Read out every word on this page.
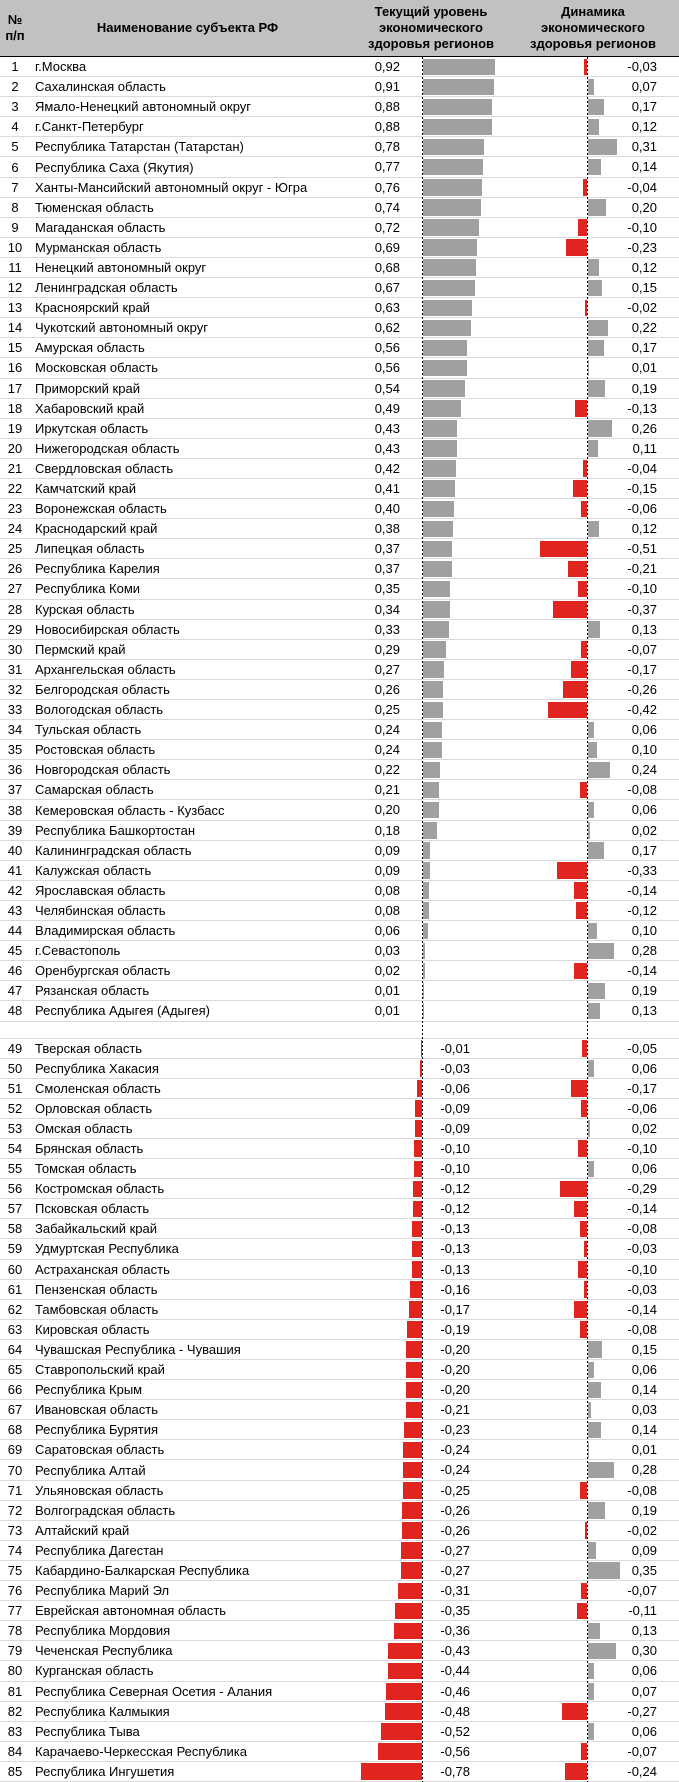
№ п/п
Наименование субъекта РФ
Текущий уровень экономического здоровья регионов
Динамика экономического здоровья регионов
1	г.Москва	0,92	-0,03
2	Сахалинская область	0,91	0,07
3	Ямало-Ненецкий автономный округ	0,88	0,17
4	г.Санкт-Петербург	0,88	0,12
5	Республика Татарстан (Татарстан)	0,78	0,31
6	Республика Саха (Якутия)	0,77	0,14
7	Ханты-Мансийский автономный округ - Югра	0,76	-0,04
8	Тюменская область	0,74	0,20
9	Магаданская область	0,72	-0,10
10 Мурманская область	0,69	-0,23
11	Ненецкий автономный округ	0,68	0,12
12 Ленинградская область	0,67	0,15
13 Красноярский край	0,63	-0,02
14 Чукотский автономный округ	0,62	0,22
15 Амурская область	0,56	0,17
16 Московская область	0,56	0,01
17 Приморский край	0,54	0,19
18 Хабаровский край	0,49	-0,13
19 Иркутская область	0,43	0,26
20 Нижегородская область	0,43	0,11
21 Свердловская область	0,42	-0,04
22 Камчатский край	0,41	-0,15
23 Воронежская область	0,40	-0,06
24 Краснодарский край	0,38	0,12
25 Липецкая область	0,37	-0,51
26 Республика Карелия	0,37	-0,21
27 Республика Коми	0,35	-0,10
28 Курская область	0,34	-0,37
29 Новосибирская область	0,33	0,13
30 Пермский край	0,29	-0,07
31 Архангельская область	0,27	-0,17
32 Белгородская область	0,26	-0,26
33 Вологодская область	0,25	-0,42
34 Тульская область	0,24	0,06
35 Ростовская область	0,24	0,10
36 Новгородская область	0,22	0,24
37 Самарская область	0,21	-0,08
38 Кемеровская область - Кузбасс	0,20	0,06
39 Республика Башкортостан	0,18	0,02
40 Калининградская область	0,09	0,17
41 Калужская область	0,09	-0,33
42 Ярославская область	0,08	-0,14
43 Челябинская область	0,08	-0,12
44 Владимирская область	0,06	0,10
45 г.Севастополь	0,03	0,28
46 Оренбургская область	0,02	-0,14
47 Рязанская область	0,01	0,19
48 Республика Адыгея (Адыгея)	0,01	0,13
49 Тверская область	-0,01	-0,05
50 Республика Хакасия	-0,03	0,06
51 Смоленская область	-0,06	-0,17
52 Орловская область	-0,09	-0,06
53 Омская область	-0,09	0,02
54 Брянская область	-0,10	-0,10
55 Томская область	-0,10	0,06
56 Костромская область	-0,12	-0,29
57 Псковская область	-0,12	-0,14
58 Забайкальский край	-0,13	-0,08
59 Удмуртская Республика	-0,13	-0,03
60 Астраханская область	-0,13	-0,10
61 Пензенская область	-0,16	-0,03
62 Тамбовская область	-0,17	-0,14
63 Кировская область	-0,19	-0,08
64 Чувашская Республика - Чувашия	-0,20	0,15
65 Ставропольский край	-0,20	0,06
66 Республика Крым	-0,20	0,14
67 Ивановская область	-0,21	0,03
68 Республика Бурятия	-0,23	0,14
69 Саратовская область	-0,24	0,01
70 Республика Алтай	-0,24	0,28
71 Ульяновская область	-0,25	-0,08
72 Волгоградская область	-0,26	0,19
73 Алтайский край	-0,26	-0,02
74 Республика Дагестан	-0,27	0,09
75 Кабардино-Балкарская Республика	-0,27	0,35
76 Республика Марий Эл	-0,31	-0,07
77 Еврейская автономная область	-0,35	-0,11
78 Республика Мордовия	-0,36	0,13
79 Чеченская Республика	-0,43	0,30
80 Курганская область	-0,44	0,06
81 Республика Северная Осетия - Алания	-0,46	0,07
82 Республика Калмыкия	-0,48	-0,27
83 Республика Тыва	-0,52	0,06
84 Карачаево-Черкесская Республика	-0,56	-0,07
85 Республика Ингушетия	-0,78	-0,24
